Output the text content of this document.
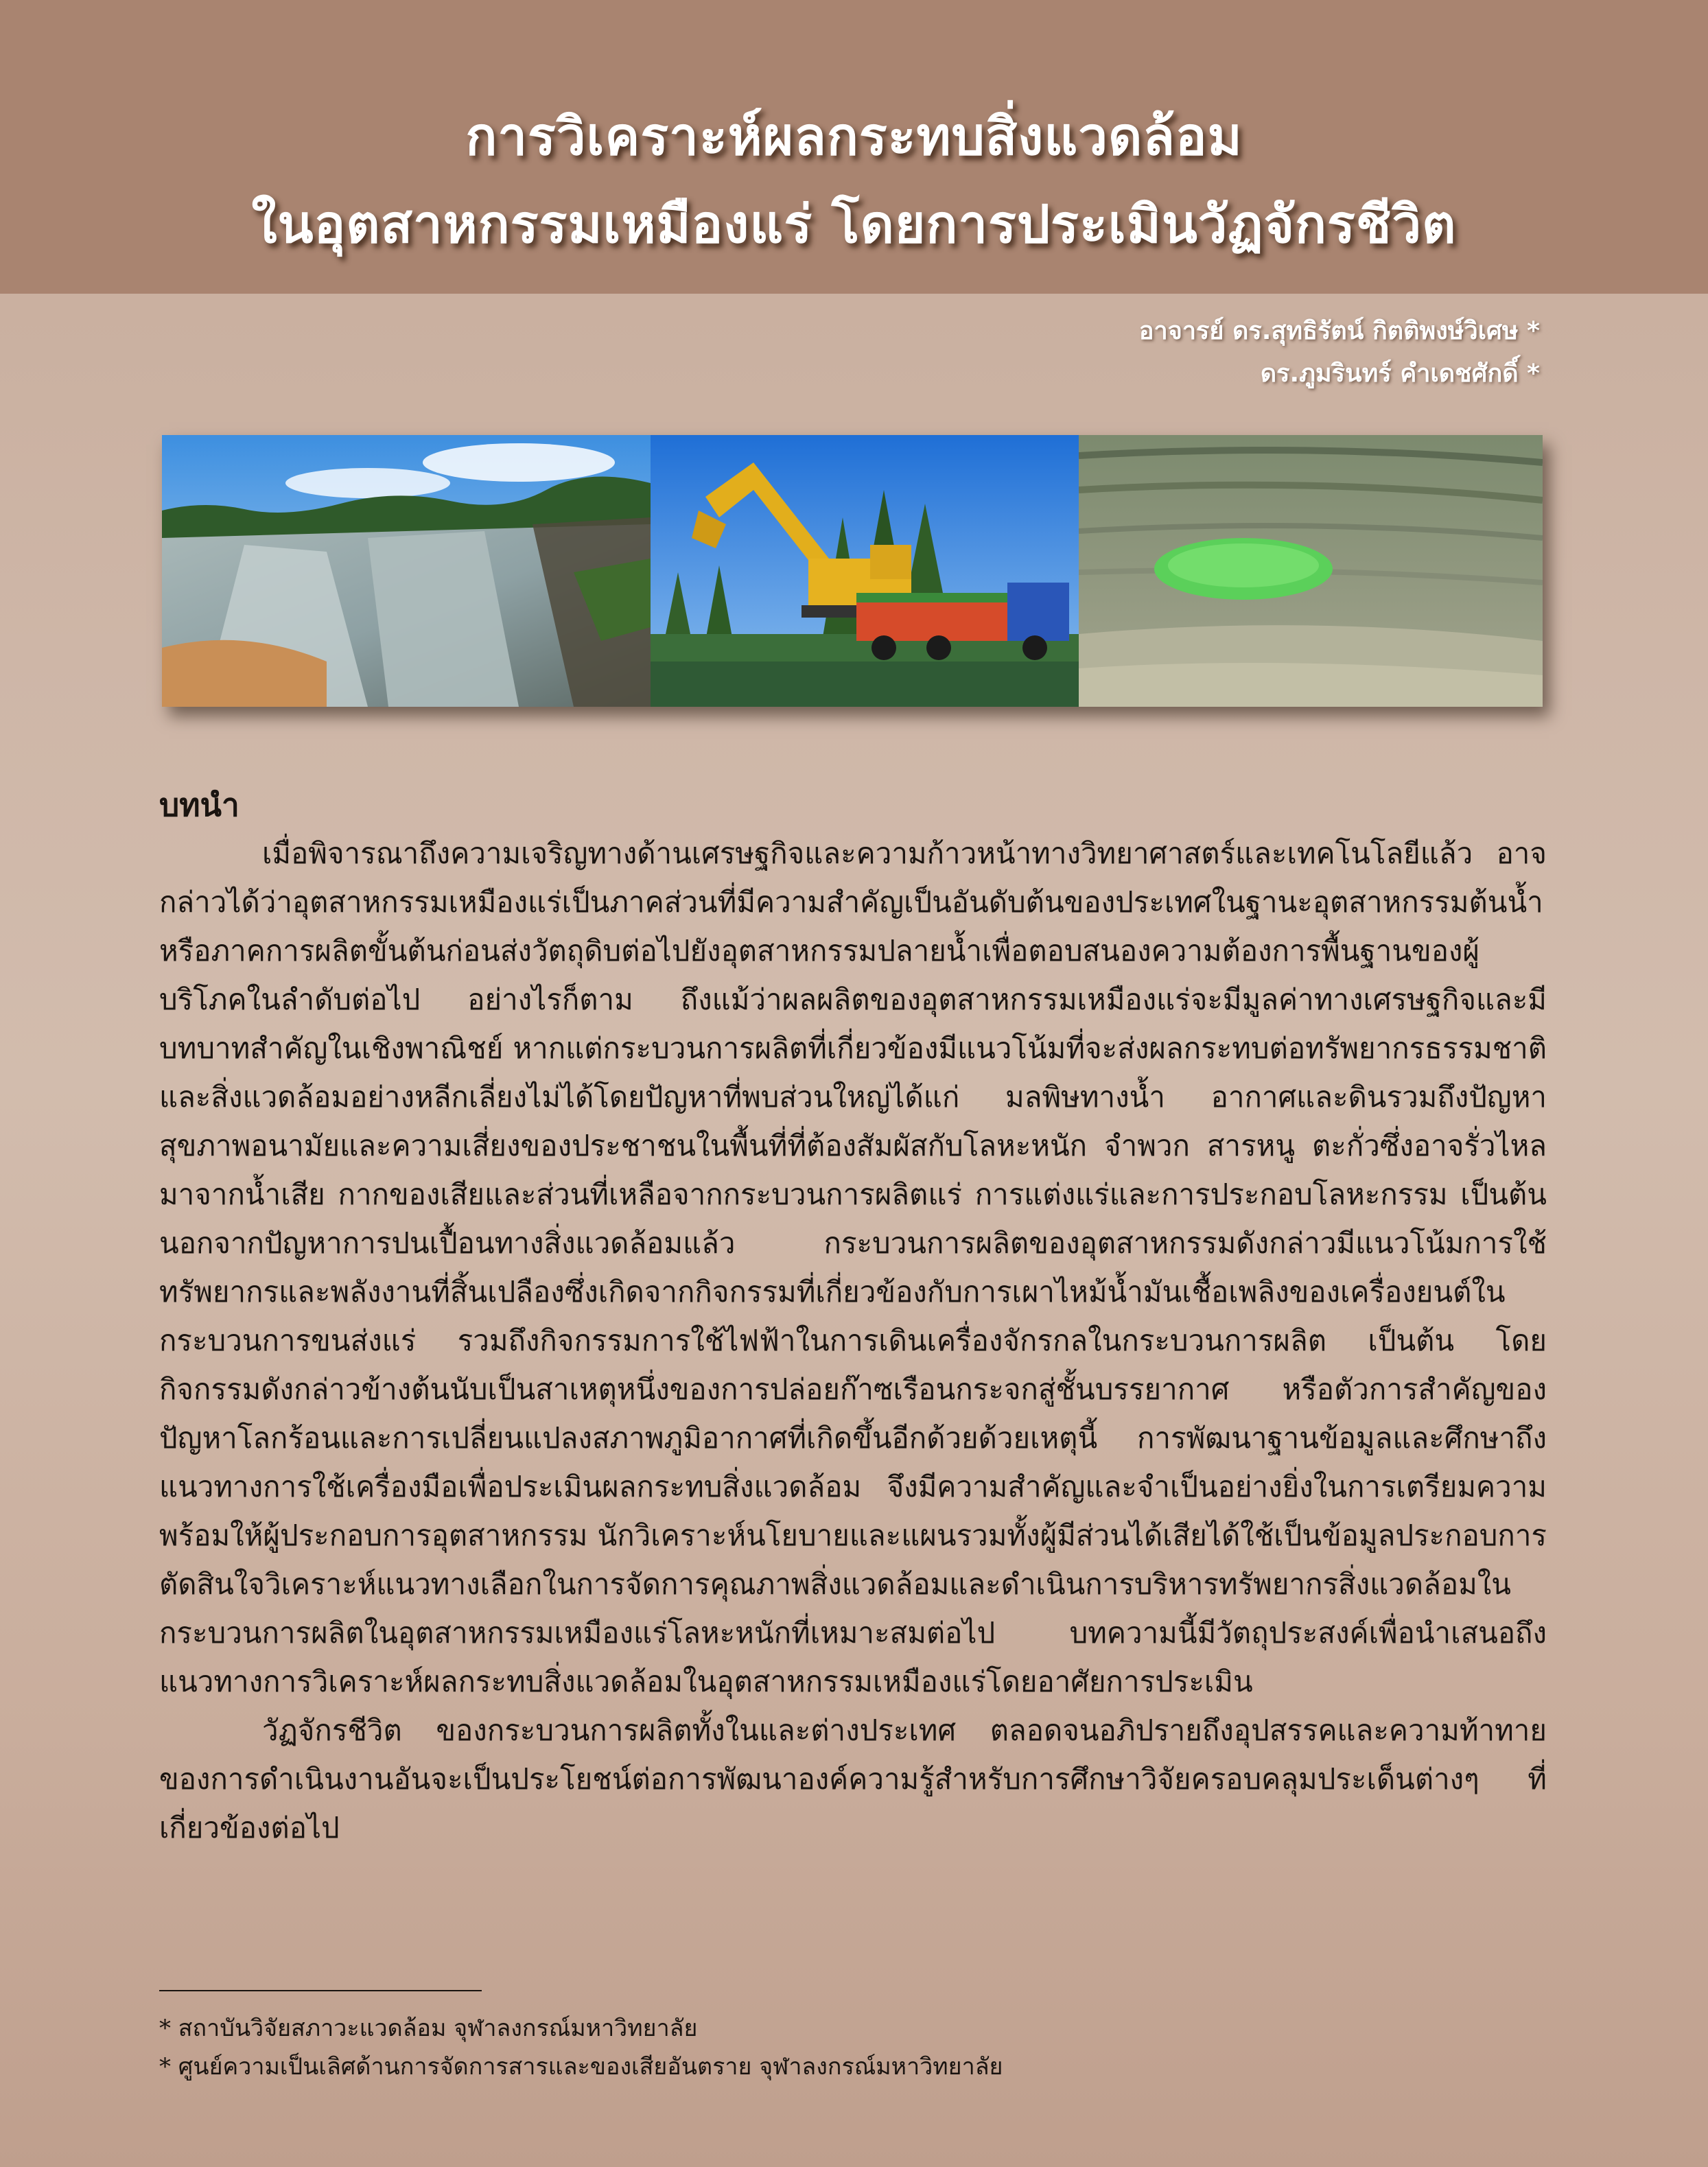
การวิเคราะห์ผลกระทบสิ่งแวดล้อม
ในอุตสาหกรรมเหมืองแร่ โดยการประเมินวัฏจักรชีวิต
อาจารย์ ดร.สุทธิรัตน์ กิตติพงษ์วิเศษ *
ดร.ภูมรินทร์ คำเดชศักดิ์ *

บทนำ

เมื่อพิจารณาถึงความเจริญทางด้านเศรษฐกิจและความก้าวหน้าทางวิทยาศาสตร์และเทคโนโลยีแล้ว อาจกล่าวได้ว่าอุตสาหกรรมเหมืองแร่เป็นภาคส่วนที่มีความสำคัญเป็นอันดับต้นของประเทศในฐานะอุตสาหกรรมต้นน้ำ หรือภาคการผลิตขั้นต้นก่อนส่งวัตถุดิบต่อไปยังอุตสาหกรรมปลายน้ำเพื่อตอบสนองความต้องการพื้นฐานของผู้บริโภคในลำดับต่อไป อย่างไรก็ตาม ถึงแม้ว่าผลผลิตของอุตสาหกรรมเหมืองแร่จะมีมูลค่าทางเศรษฐกิจและมีบทบาทสำคัญในเชิงพาณิชย์ หากแต่กระบวนการผลิตที่เกี่ยวข้องมีแนวโน้มที่จะส่งผลกระทบต่อทรัพยากรธรรมชาติและสิ่งแวดล้อมอย่างหลีกเลี่ยงไม่ได้โดยปัญหาที่พบส่วนใหญ่ได้แก่ มลพิษทางน้ำ อากาศและดินรวมถึงปัญหาสุขภาพอนามัยและความเสี่ยงของประชาชนในพื้นที่ที่ต้องสัมผัสกับโลหะหนัก จำพวก สารหนู ตะกั่วซึ่งอาจรั่วไหลมาจากน้ำเสีย กากของเสียและส่วนที่เหลือจากกระบวนการผลิตแร่ การแต่งแร่และการประกอบโลหะกรรม เป็นต้น นอกจากปัญหาการปนเปื้อนทางสิ่งแวดล้อมแล้ว กระบวนการผลิตของอุตสาหกรรมดังกล่าวมีแนวโน้มการใช้ทรัพยากรและพลังงานที่สิ้นเปลืองซึ่งเกิดจากกิจกรรมที่เกี่ยวข้องกับการเผาไหม้น้ำมันเชื้อเพลิงของเครื่องยนต์ในกระบวนการขนส่งแร่ รวมถึงกิจกรรมการใช้ไฟฟ้าในการเดินเครื่องจักรกลในกระบวนการผลิต เป็นต้น โดยกิจกรรมดังกล่าวข้างต้นนับเป็นสาเหตุหนึ่งของการปล่อยก๊าซเรือนกระจกสู่ชั้นบรรยากาศ หรือตัวการสำคัญของปัญหาโลกร้อนและการเปลี่ยนแปลงสภาพภูมิอากาศที่เกิดขึ้นอีกด้วยด้วยเหตุนี้ การพัฒนาฐานข้อมูลและศึกษาถึงแนวทางการใช้เครื่องมือเพื่อประเมินผลกระทบสิ่งแวดล้อม จึงมีความสำคัญและจำเป็นอย่างยิ่งในการเตรียมความพร้อมให้ผู้ประกอบการอุตสาหกรรม นักวิเคราะห์นโยบายและแผนรวมทั้งผู้มีส่วนได้เสียได้ใช้เป็นข้อมูลประกอบการตัดสินใจวิเคราะห์แนวทางเลือกในการจัดการคุณภาพสิ่งแวดล้อมและดำเนินการบริหารทรัพยากรสิ่งแวดล้อมในกระบวนการผลิตในอุตสาหกรรมเหมืองแร่โลหะหนักที่เหมาะสมต่อไป บทความนี้มีวัตถุประสงค์เพื่อนำเสนอถึงแนวทางการวิเคราะห์ผลกระทบสิ่งแวดล้อมในอุตสาหกรรมเหมืองแร่โดยอาศัยการประเมิน

วัฏจักรชีวิต ของกระบวนการผลิตทั้งในและต่างประเทศ ตลอดจนอภิปรายถึงอุปสรรคและความท้าทายของการดำเนินงานอันจะเป็นประโยชน์ต่อการพัฒนาองค์ความรู้สำหรับการศึกษาวิจัยครอบคลุมประเด็นต่างๆ ที่เกี่ยวข้องต่อไป

* สถาบันวิจัยสภาวะแวดล้อม จุฬาลงกรณ์มหาวิทยาลัย
* ศูนย์ความเป็นเลิศด้านการจัดการสารและของเสียอันตราย จุฬาลงกรณ์มหาวิทยาลัย
